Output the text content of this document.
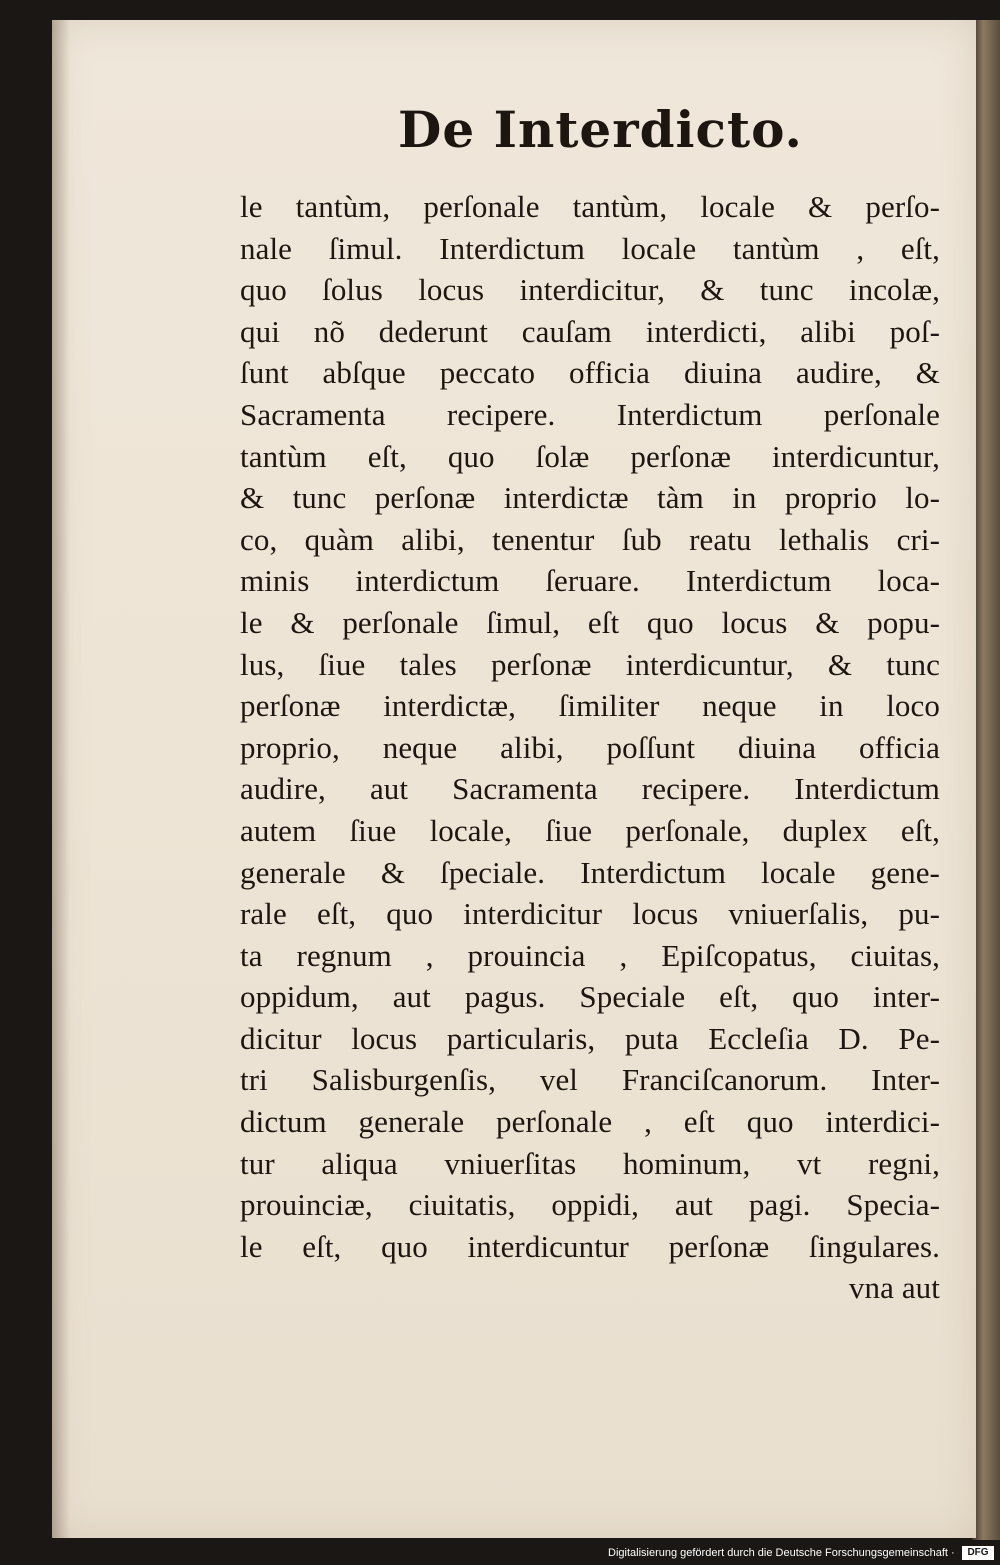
De Interdicto.
le tantùm, perſonale tantùm, locale & perſo-
nale ſimul. Interdictum locale tantùm , eſt,
quo ſolus locus interdicitur, & tunc incolæ,
qui nõ dederunt cauſam interdicti, alibi poſ-
ſunt abſque peccato officia diuina audire, &
Sacramenta recipere. Interdictum perſonale
tantùm eſt, quo ſolæ perſonæ interdicuntur,
& tunc perſonæ interdictæ tàm in proprio lo-
co, quàm alibi, tenentur ſub reatu lethalis cri-
minis interdictum ſeruare. Interdictum loca-
le & perſonale ſimul, eſt quo locus & popu-
lus, ſiue tales perſonæ interdicuntur, & tunc
perſonæ interdictæ, ſimiliter neque in loco
proprio, neque alibi, poſſunt diuina officia
audire, aut Sacramenta recipere. Interdictum
autem ſiue locale, ſiue perſonale, duplex eſt,
generale & ſpeciale. Interdictum locale gene-
rale eſt, quo interdicitur locus vniuerſalis, pu-
ta regnum , prouincia , Epiſcopatus, ciuitas,
oppidum, aut pagus. Speciale eſt, quo inter-
dicitur locus particularis, puta Eccleſia D. Pe-
tri Salisburgenſis, vel Franciſcanorum. Inter-
dictum generale perſonale , eſt quo interdici-
tur aliqua vniuerſitas hominum, vt regni,
prouinciæ, ciuitatis, oppidi, aut pagi. Specia-
le eſt, quo interdicuntur perſonæ ſingulares.
vna aut
Digitalisierung gefördert durch die Deutsche Forschungsgemeinschaft ·	DFG
